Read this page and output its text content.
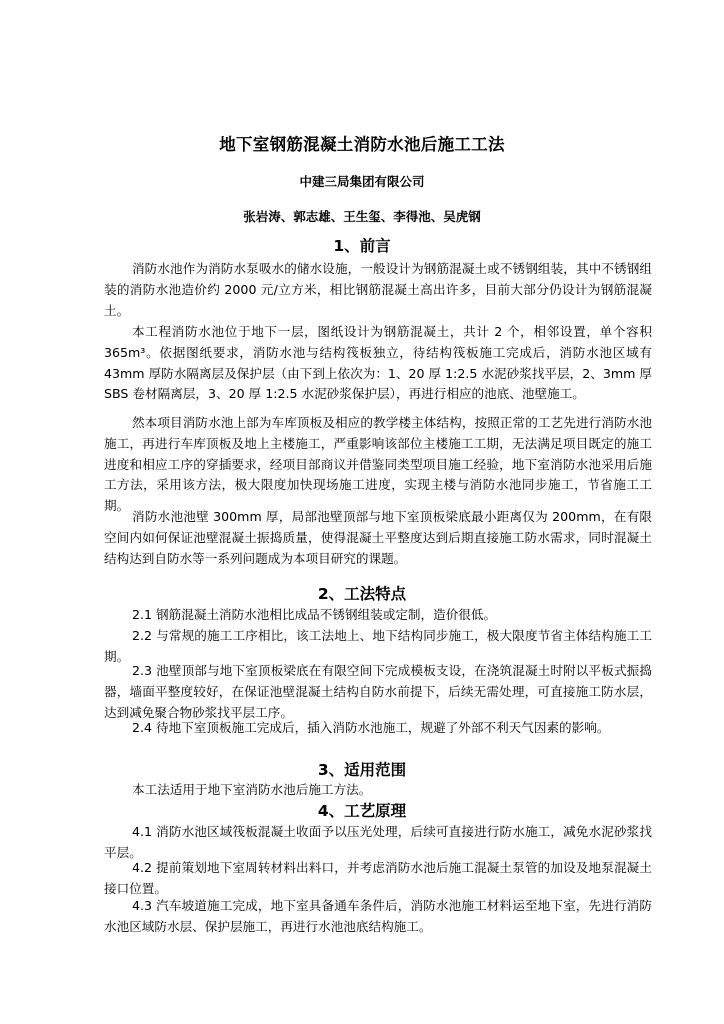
地下室钢筋混凝土消防水池后施工工法
中建三局集团有限公司
张岩涛、郭志雄、王生玺、李得池、吴虎钢
1、前言

消防水池作为消防水泵吸水的储水设施，一般设计为钢筋混凝土或不锈钢组装，其中不锈钢组装的消防水池造价约 2000 元/立方米，相比钢筋混凝土高出许多，目前大部分仍设计为钢筋混凝土。

本工程消防水池位于地下一层，图纸设计为钢筋混凝土，共计 2 个，相邻设置，单个容积 365m³。依据图纸要求，消防水池与结构筏板独立，待结构筏板施工完成后，消防水池区域有 43mm 厚防水隔离层及保护层（由下到上依次为：1、20 厚 1:2.5 水泥砂浆找平层，2、3mm 厚 SBS 卷材隔离层，3、20 厚 1:2.5 水泥砂浆保护层），再进行相应的池底、池壁施工。

然本项目消防水池上部为车库顶板及相应的教学楼主体结构，按照正常的工艺先进行消防水池施工，再进行车库顶板及地上主楼施工，严重影响该部位主楼施工工期，无法满足项目既定的施工进度和相应工序的穿插要求，经项目部商议并借鉴同类型项目施工经验，地下室消防水池采用后施工方法，采用该方法，极大限度加快现场施工进度，实现主楼与消防水池同步施工，节省施工工期。

消防水池池壁 300mm 厚，局部池壁顶部与地下室顶板梁底最小距离仅为 200mm，在有限空间内如何保证池壁混凝土振捣质量，使得混凝土平整度达到后期直接施工防水需求，同时混凝土结构达到自防水等一系列问题成为本项目研究的课题。

2、工法特点

2.1 钢筋混凝土消防水池相比成品不锈钢组装或定制，造价很低。

2.2 与常规的施工工序相比，该工法地上、地下结构同步施工，极大限度节省主体结构施工工期。

2.3 池壁顶部与地下室顶板梁底在有限空间下完成模板支设，在浇筑混凝土时附以平板式振捣器，墙面平整度较好，在保证池壁混凝土结构自防水前提下，后续无需处理，可直接施工防水层，达到减免聚合物砂浆找平层工序。

2.4 待地下室顶板施工完成后，插入消防水池施工，规避了外部不利天气因素的影响。

3、适用范围

本工法适用于地下室消防水池后施工方法。

4、工艺原理

4.1 消防水池区域筏板混凝土收面予以压光处理，后续可直接进行防水施工，减免水泥砂浆找平层。

4.2 提前策划地下室周转材料出料口，并考虑消防水池后施工混凝土泵管的加设及地泵混凝土接口位置。

4.3 汽车坡道施工完成，地下室具备通车条件后，消防水池施工材料运至地下室，先进行消防水池区域防水层、保护层施工，再进行水池池底结构施工。
